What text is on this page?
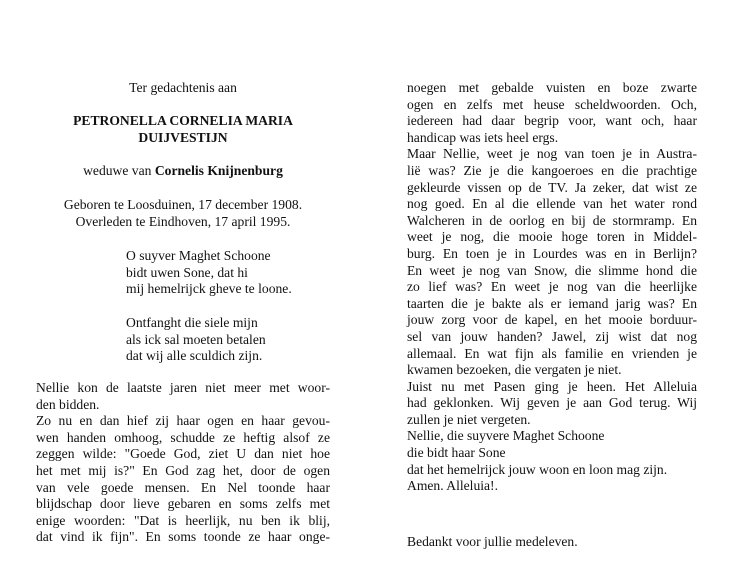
Ter gedachtenis aan
PETRONELLA CORNELIA MARIA
DUIJVESTIJN
weduwe van Cornelis Knijnenburg
Geboren te Loosduinen, 17 december 1908.
Overleden te Eindhoven, 17 april 1995.
O suyver Maghet Schoone
bidt uwen Sone, dat hi
mij hemelrijck gheve te loone.
Ontfanght die siele mijn
als ick sal moeten betalen
dat wij alle sculdich zijn.
Nellie kon de laatste jaren niet meer met woor-
den bidden.
Zo nu en dan hief zij haar ogen en haar gevou-
wen handen omhoog, schudde ze heftig alsof ze
zeggen wilde: "Goede God, ziet U dan niet hoe
het met mij is?" En God zag het, door de ogen
van vele goede mensen. En Nel toonde haar
blijdschap door lieve gebaren en soms zelfs met
enige woorden: "Dat is heerlijk, nu ben ik blij,
dat vind ik fijn". En soms toonde ze haar onge-
noegen met gebalde vuisten en boze zwarte
ogen en zelfs met heuse scheldwoorden. Och,
iedereen had daar begrip voor, want och, haar
handicap was iets heel ergs.
Maar Nellie, weet je nog van toen je in Austra-
lië was? Zie je die kangoeroes en die prachtige
gekleurde vissen op de TV. Ja zeker, dat wist ze
nog goed. En al die ellende van het water rond
Walcheren in de oorlog en bij de stormramp. En
weet je nog, die mooie hoge toren in Middel-
burg. En toen je in Lourdes was en in Berlijn?
En weet je nog van Snow, die slimme hond die
zo lief was? En weet je nog van die heerlijke
taarten die je bakte als er iemand jarig was? En
jouw zorg voor de kapel, en het mooie borduur-
sel van jouw handen? Jawel, zij wist dat nog
allemaal. En wat fijn als familie en vrienden je
kwamen bezoeken, die vergaten je niet.
Juist nu met Pasen ging je heen. Het Alleluia
had geklonken. Wij geven je aan God terug. Wij
zullen je niet vergeten.
Nellie, die suyvere Maghet Schoone
die bidt haar Sone
dat het hemelrijck jouw woon en loon mag zijn.
Amen. Alleluia!.
Bedankt voor jullie medeleven.
